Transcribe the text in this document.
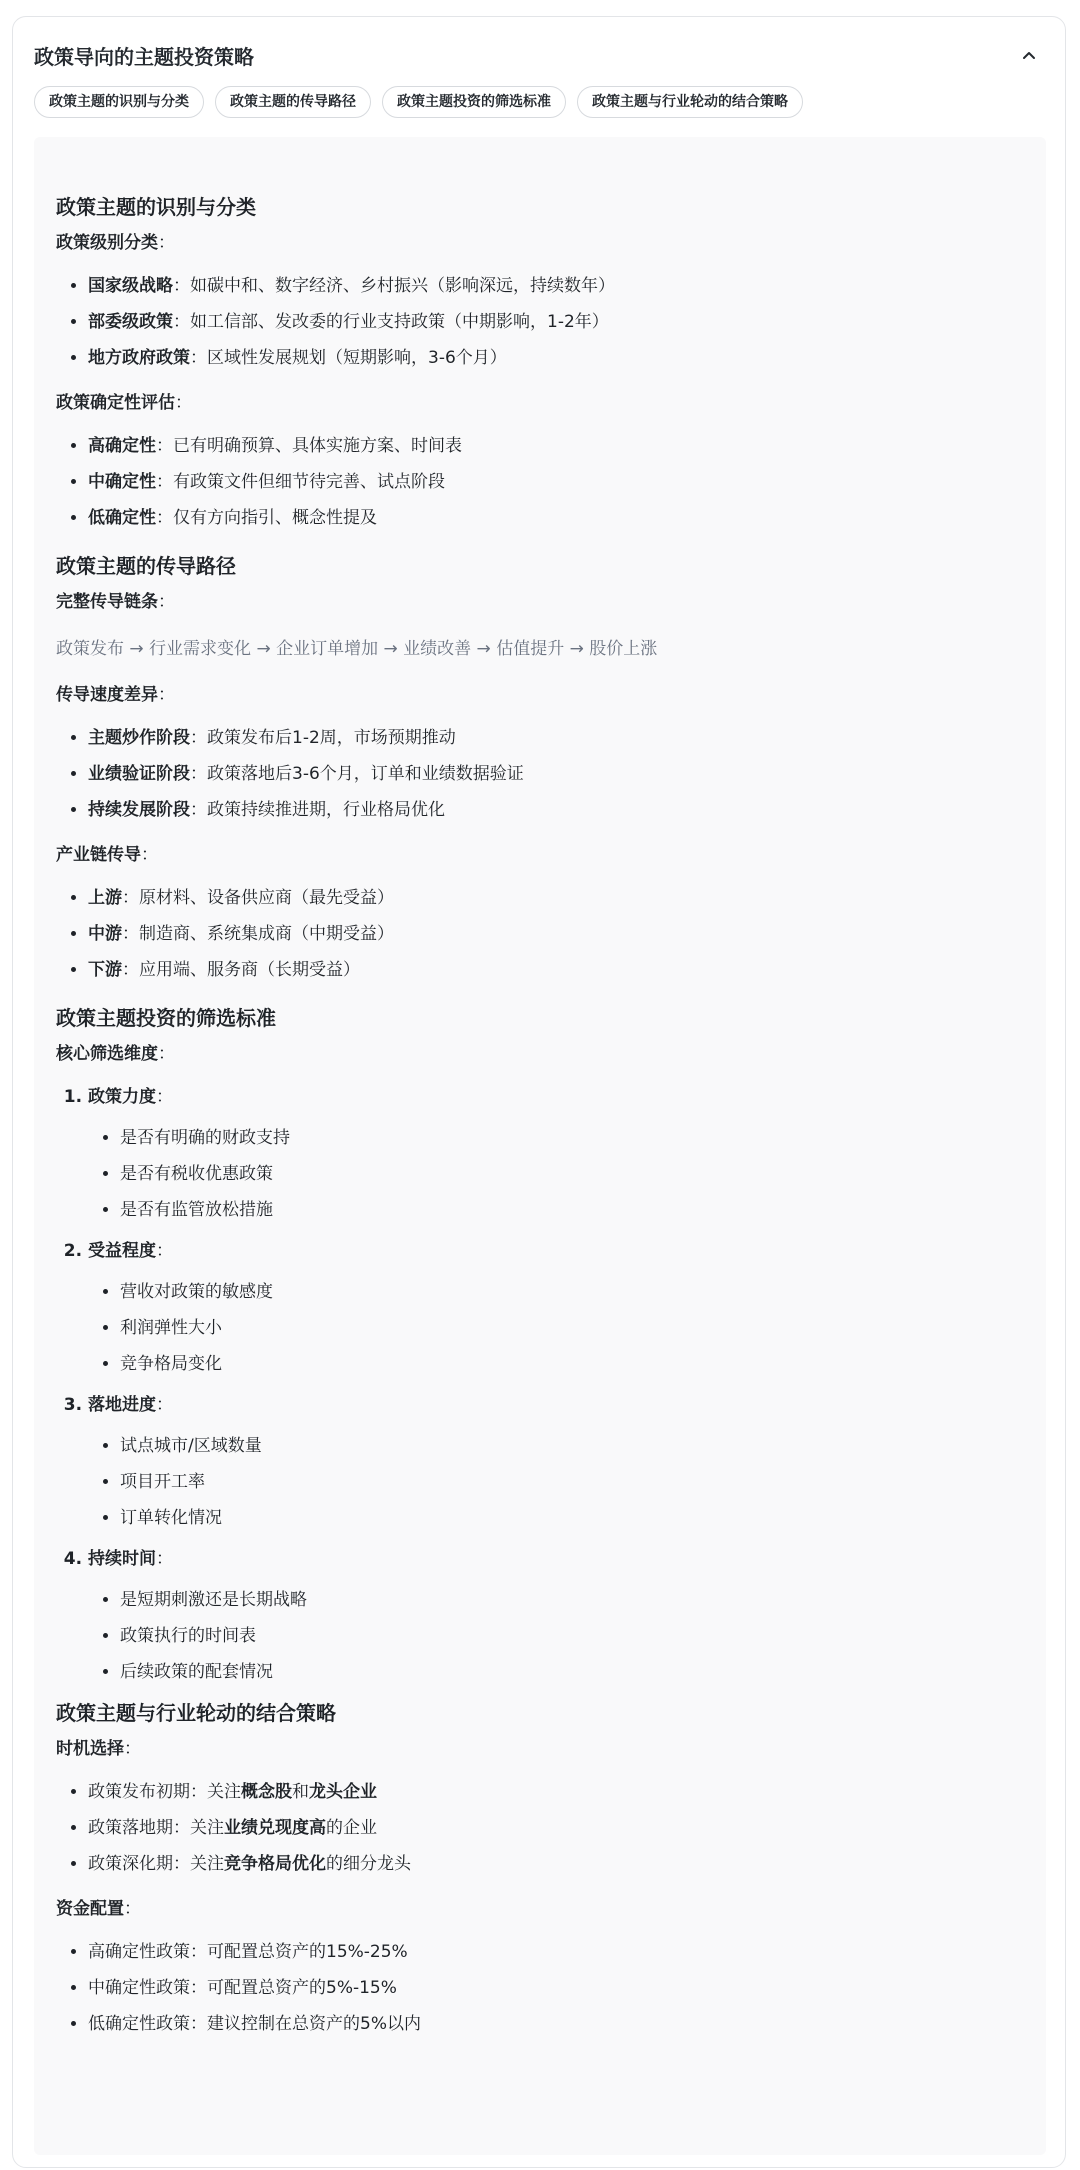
政策导向的主题投资策略
政策主题的识别与分类	政策主题的传导路径	政策主题投资的筛选标准	政策主题与行业轮动的结合策略
政策主题的识别与分类

政策级别分类：

• 国家级战略：如碳中和、数字经济、乡村振兴（影响深远，持续数年）
• 部委级政策：如工信部、发改委的行业支持政策（中期影响，1-2年）
• 地方政府政策：区域性发展规划（短期影响，3-6个月）

政策确定性评估：

• 高确定性：已有明确预算、具体实施方案、时间表
• 中确定性：有政策文件但细节待完善、试点阶段
• 低确定性：仅有方向指引、概念性提及
政策主题的传导路径

完整传导链条：

政策发布 → 行业需求变化 → 企业订单增加 → 业绩改善 → 估值提升 → 股价上涨

传导速度差异：

• 主题炒作阶段：政策发布后1-2周，市场预期推动
• 业绩验证阶段：政策落地后3-6个月，订单和业绩数据验证
• 持续发展阶段：政策持续推进期，行业格局优化

产业链传导：

• 上游：原材料、设备供应商（最先受益）
• 中游：制造商、系统集成商（中期受益）
• 下游：应用端、服务商（长期受益）
政策主题投资的筛选标准

核心筛选维度：

1. 政策力度：
• 是否有明确的财政支持
• 是否有税收优惠政策
• 是否有监管放松措施
2. 受益程度：
• 营收对政策的敏感度
• 利润弹性大小
• 竞争格局变化
3. 落地进度：
• 试点城市/区域数量
• 项目开工率
• 订单转化情况
4. 持续时间：
• 是短期刺激还是长期战略
• 政策执行的时间表
• 后续政策的配套情况
政策主题与行业轮动的结合策略

时机选择：

• 政策发布初期：关注概念股和龙头企业
• 政策落地期：关注业绩兑现度高的企业
• 政策深化期：关注竞争格局优化的细分龙头

资金配置：

• 高确定性政策：可配置总资产的15%-25%
• 中确定性政策：可配置总资产的5%-15%
• 低确定性政策：建议控制在总资产的5%以内
